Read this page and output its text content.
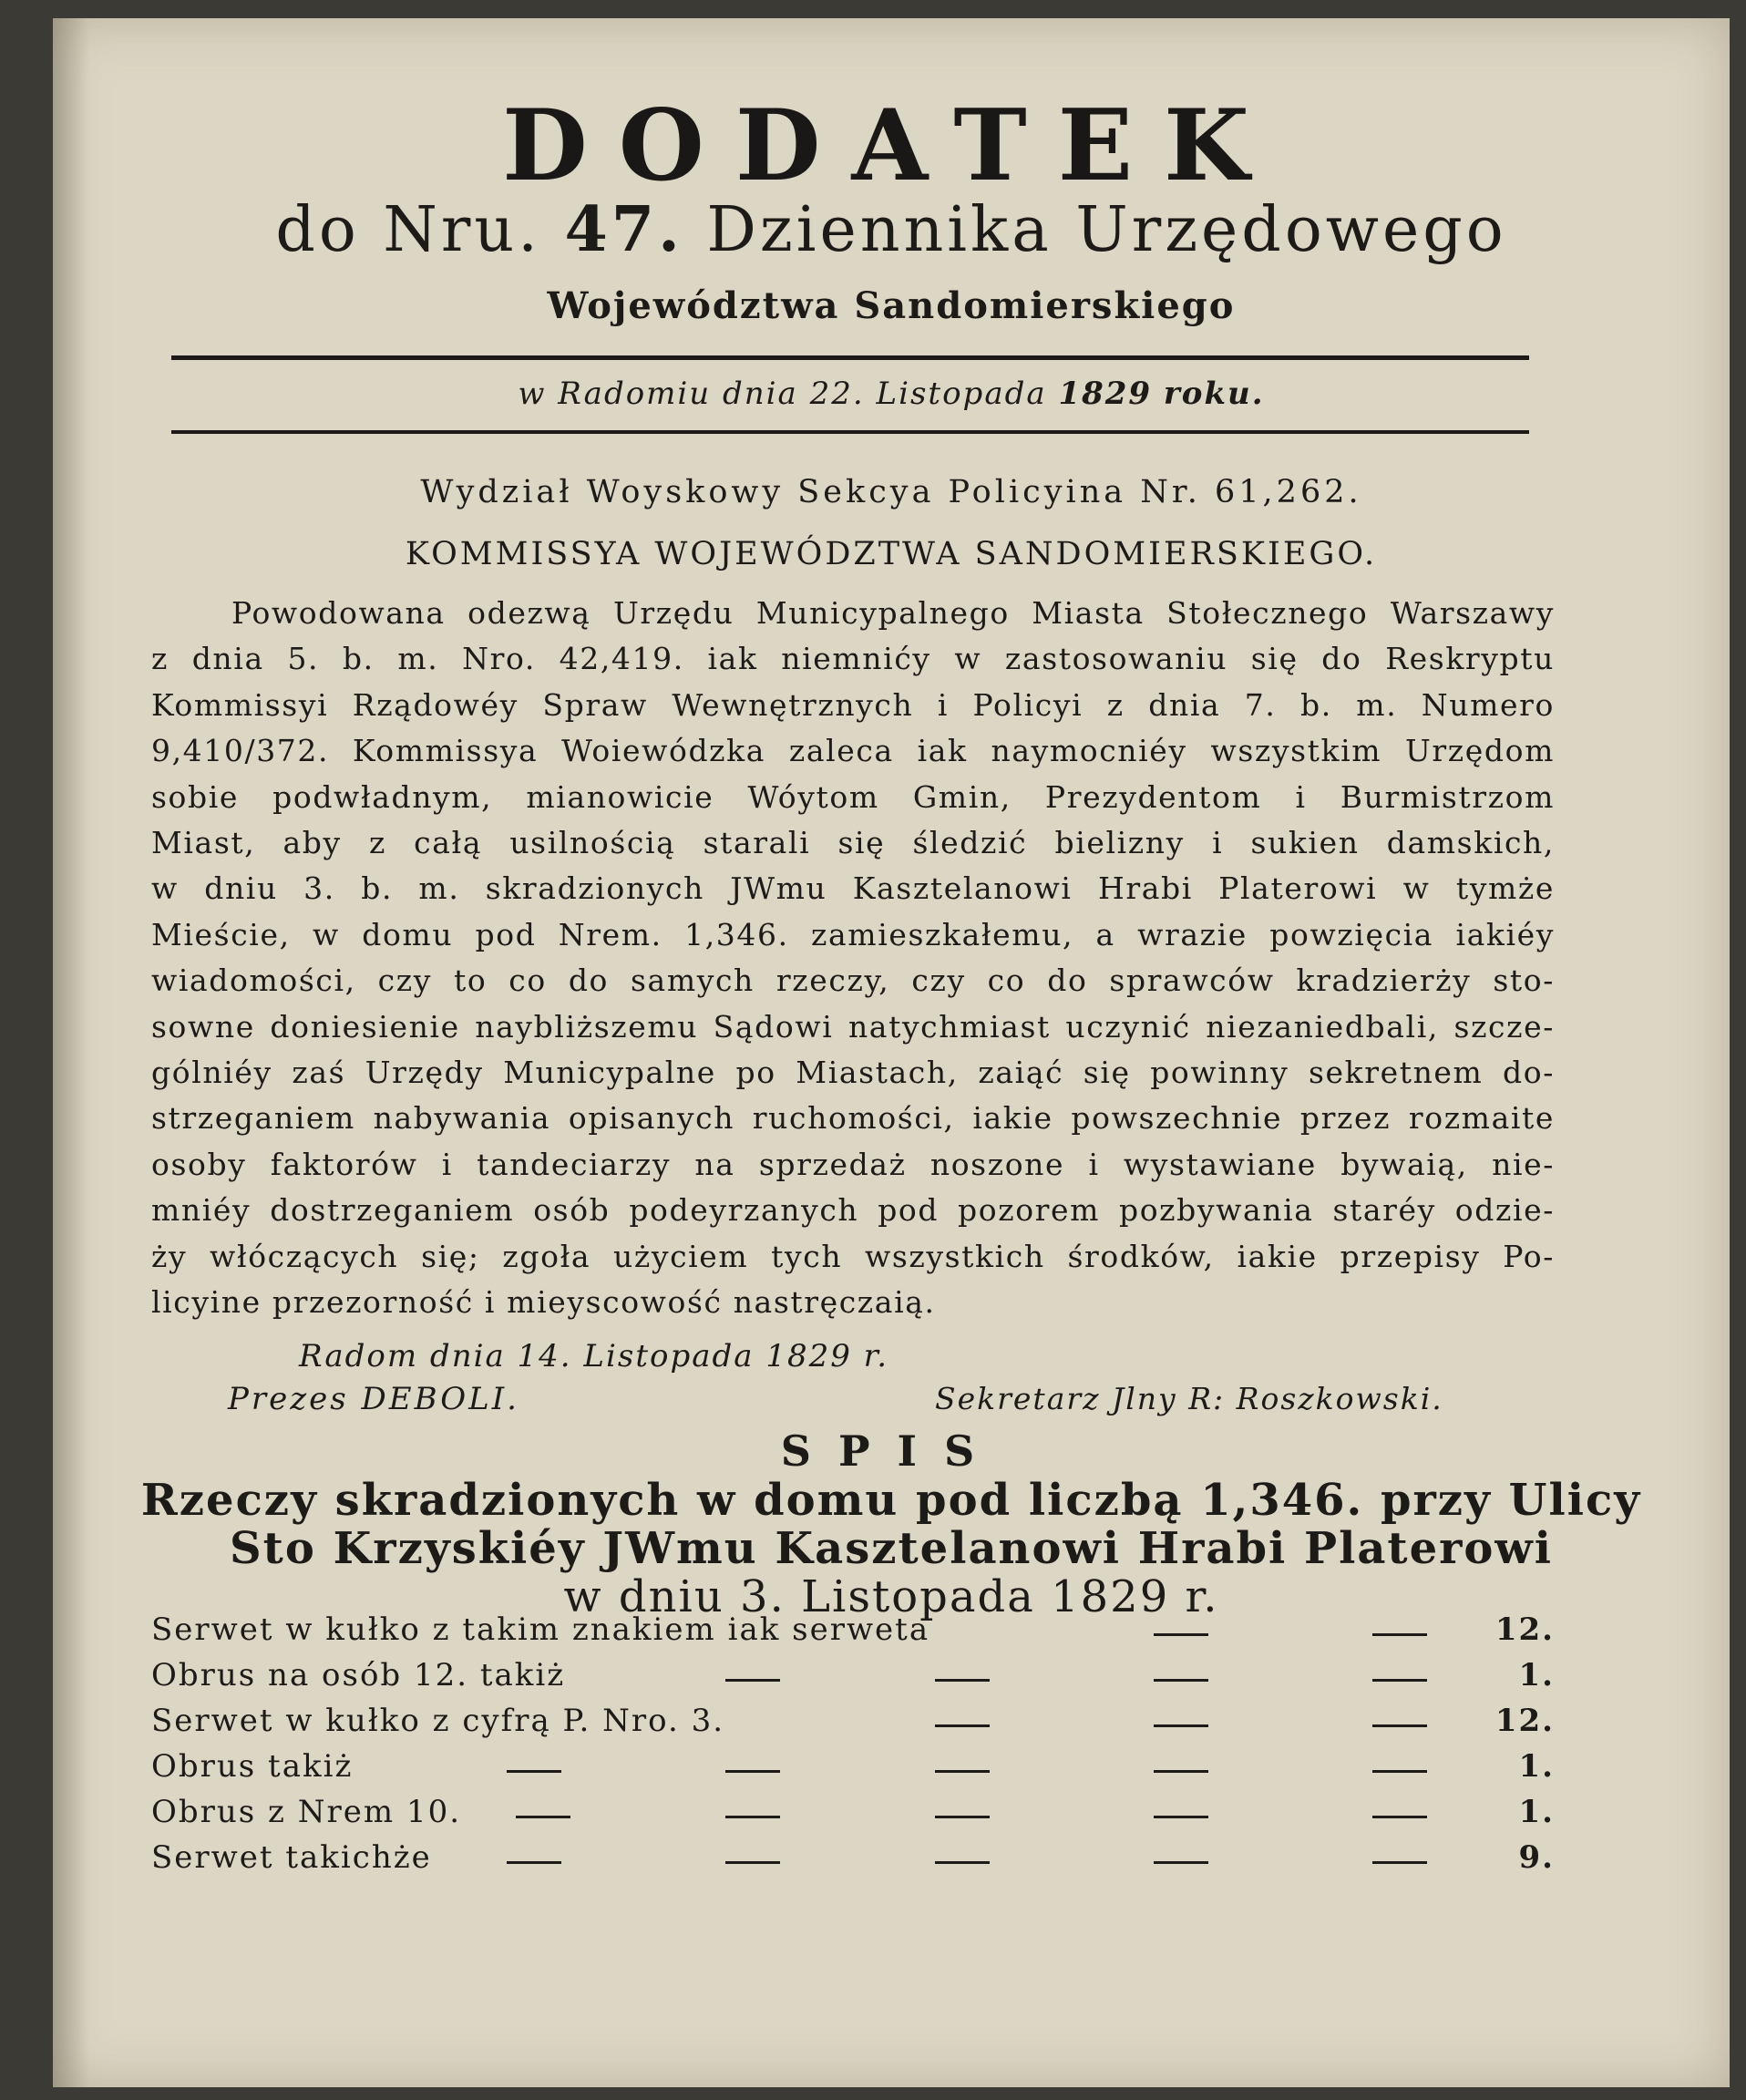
DODATEK
do Nru. 47. Dziennika Urzędowego
Województwa Sandomierskiego
w Radomiu dnia 22. Listopada 1829 roku.
Wydział Woyskowy Sekcya Policyina Nr. 61,262.
KOMMISSYA WOJEWÓDZTWA SANDOMIERSKIEGO.
Powodowana odezwą Urzędu Municypalnego Miasta Stołecznego Warszawy
z dnia 5. b. m. Nro. 42,419. iak niemnićy w zastosowaniu się do Reskryptu
Kommissyi Rządowéy Spraw Wewnętrznych i Policyi z dnia 7. b. m. Numero
9,410/372. Kommissya Woiewódzka zaleca iak naymocniéy wszystkim Urzędom
sobie podwładnym, mianowicie Wóytom Gmin, Prezydentom i Burmistrzom
Miast, aby z całą usilnością starali się śledzić bielizny i sukien damskich,
w dniu 3. b. m. skradzionych JWmu Kasztelanowi Hrabi Platerowi w tymże
Mieście, w domu pod Nrem. 1,346. zamieszkałemu, a wrazie powzięcia iakiéy
wiadomości, czy to co do samych rzeczy, czy co do sprawców kradzierży sto-
sowne doniesienie naybliższemu Sądowi natychmiast uczynić niezaniedbali, szcze-
gólniéy zaś Urzędy Municypalne po Miastach, zaiąć się powinny sekretnem do-
strzeganiem nabywania opisanych ruchomości, iakie powszechnie przez rozmaite
osoby faktorów i tandeciarzy na sprzedaż noszone i wystawiane bywaią, nie-
mniéy dostrzeganiem osób podeyrzanych pod pozorem pozbywania staréy odzie-
ży włóczących się; zgoła użyciem tych wszystkich środków, iakie przepisy Po-
licyine przezorność i mieyscowość nastręczaią.
Radom dnia 14. Listopada 1829 r.
Prezes DEBOLI.	Sekretarz Jlny R: Roszkowski.
SPIS
Rzeczy skradzionych w domu pod liczbą 1,346. przy Ulicy
Sto Krzyskiéy JWmu Kasztelanowi Hrabi Platerowi
w dniu 3. Listopada 1829 r.
Serwet w kułko z takim znakiem iak serweta	12.
Obrus na osób 12. takiż	1.
Serwet w kułko z cyfrą P. Nro. 3.	12.
Obrus takiż	1.
Obrus z Nrem 10.	1.
Serwet takichże	9.
